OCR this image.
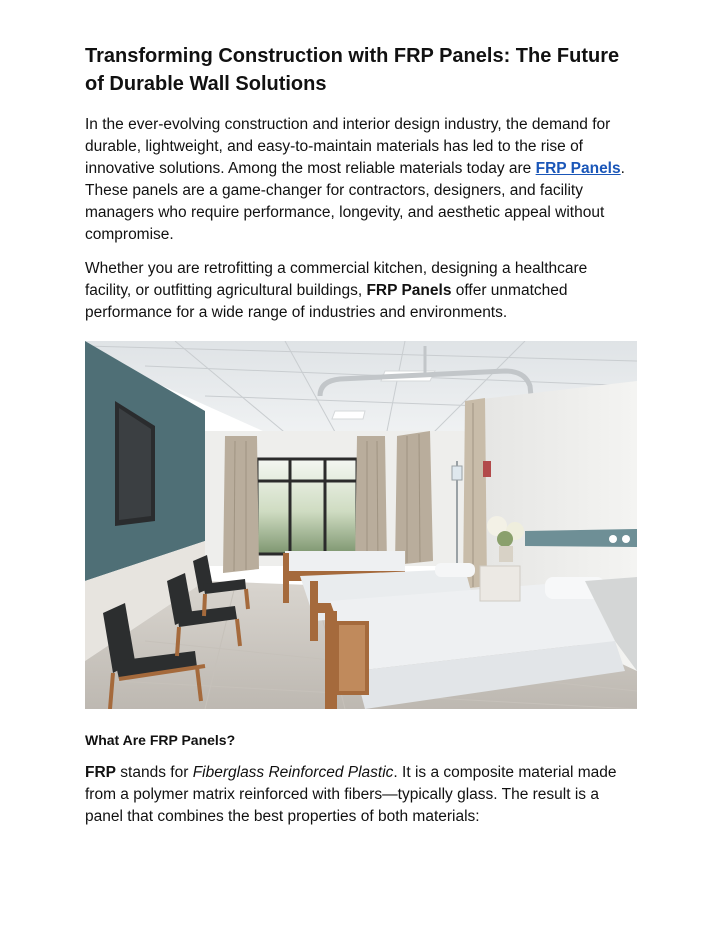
Transforming Construction with FRP Panels: The Future of Durable Wall Solutions

In the ever-evolving construction and interior design industry, the demand for durable, lightweight, and easy-to-maintain materials has led to the rise of innovative solutions. Among the most reliable materials today are FRP Panels. These panels are a game-changer for contractors, designers, and facility managers who require performance, longevity, and aesthetic appeal without compromise.

Whether you are retrofitting a commercial kitchen, designing a healthcare facility, or outfitting agricultural buildings, FRP Panels offer unmatched performance for a wide range of industries and environments.

What Are FRP Panels?

FRP stands for Fiberglass Reinforced Plastic. It is a composite material made from a polymer matrix reinforced with fibers—typically glass. The result is a panel that combines the best properties of both materials:
